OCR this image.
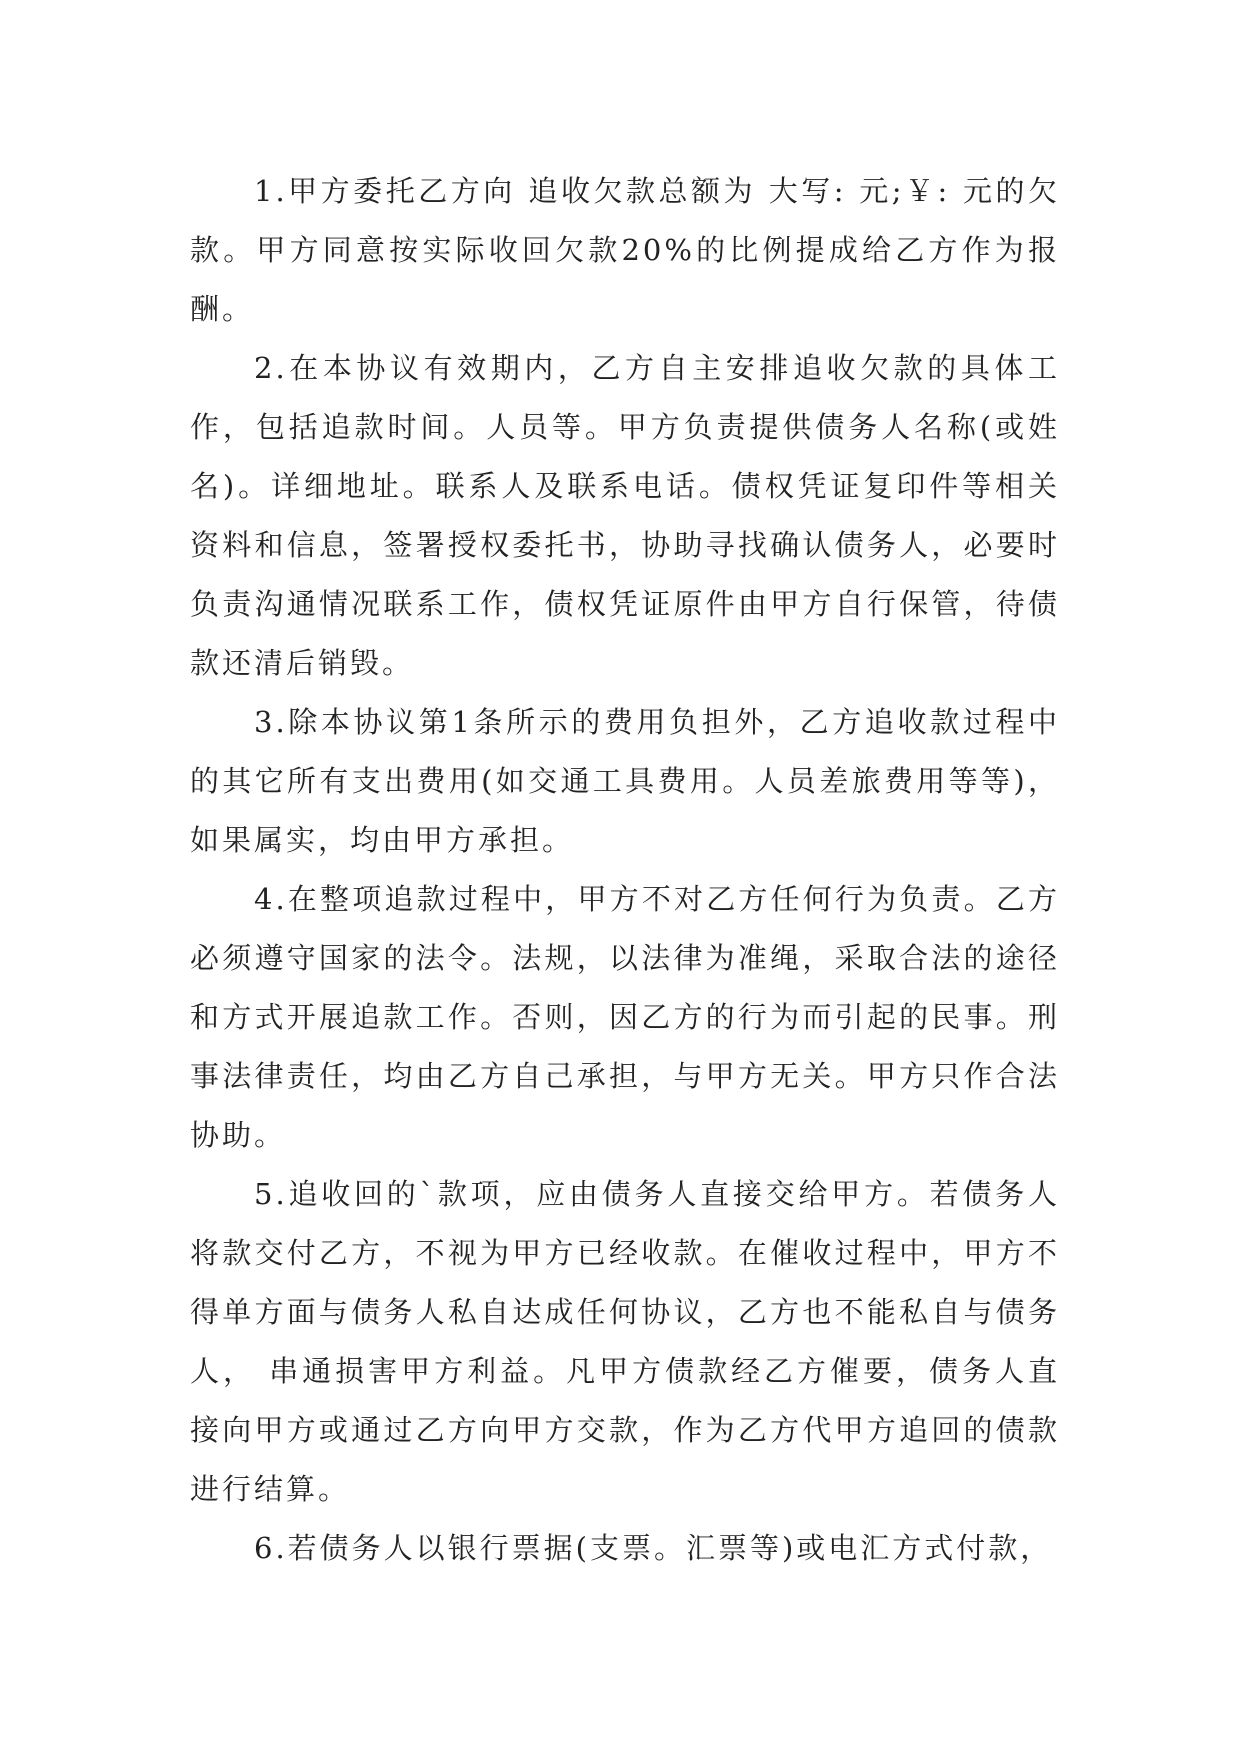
1.甲方委托乙方向 追收欠款总额为 大写: 元;￥: 元的欠款。甲方同意按实际收回欠款20%的比例提成给乙方作为报酬。

2.在本协议有效期内，乙方自主安排追收欠款的具体工作，包括追款时间。人员等。甲方负责提供债务人名称(或姓名)。详细地址。联系人及联系电话。债权凭证复印件等相关资料和信息，签署授权委托书，协助寻找确认债务人，必要时负责沟通情况联系工作，债权凭证原件由甲方自行保管，待债款还清后销毁。

3.除本协议第1条所示的费用负担外，乙方追收款过程中的其它所有支出费用(如交通工具费用。人员差旅费用等等)，如果属实，均由甲方承担。

4.在整项追款过程中，甲方不对乙方任何行为负责。乙方必须遵守国家的法令。法规，以法律为准绳，采取合法的途径和方式开展追款工作。否则，因乙方的行为而引起的民事。刑事法律责任，均由乙方自己承担，与甲方无关。甲方只作合法协助。

5.追收回的`款项，应由债务人直接交给甲方。若债务人将款交付乙方，不视为甲方已经收款。在催收过程中，甲方不得单方面与债务人私自达成任何协议，乙方也不能私自与债务人， 串通损害甲方利益。凡甲方债款经乙方催要，债务人直接向甲方或通过乙方向甲方交款，作为乙方代甲方追回的债款进行结算。

6.若债务人以银行票据(支票。汇票等)或电汇方式付款，
